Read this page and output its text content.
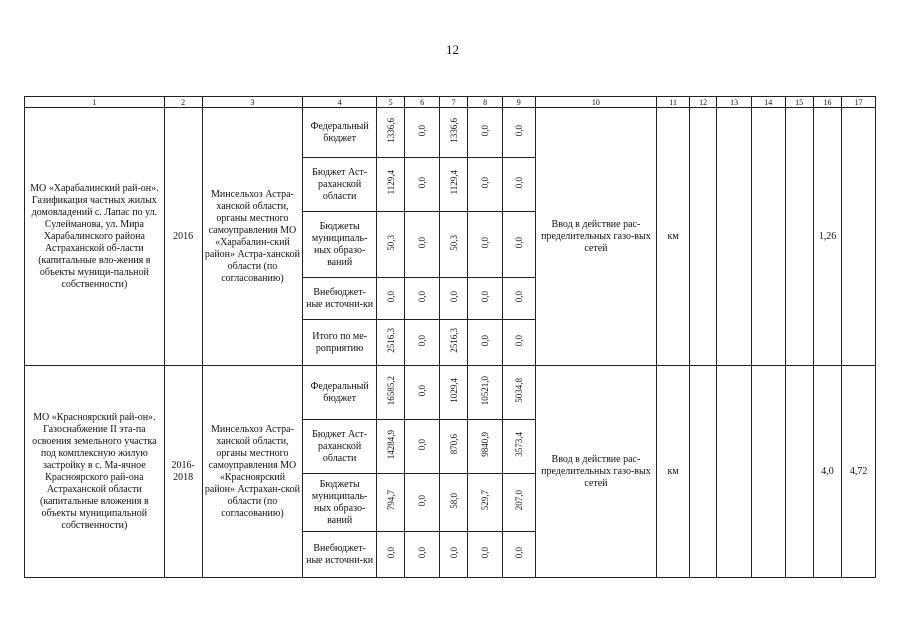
12
1	2	3	4	5	6	7	8	9	10	11	12	13	14	15	16	17
МО «Харабалинский рай-он». Газификация частных жилых домовладений с. Лапас по ул. Сулейманова, ул. Мира Харабалинского района Астраханской об-ласти (капитальные вло-жения в объекты муници-пальной собственности)	2016	Минсельхоз Астра-ханской области, органы местного самоуправления МО «Харабалин-ский район» Астра-ханской области (по согласованию)	Федеральный бюджет	1336,6	0,0	1336,6	0,0	0,0	Ввод в действие рас-пределительных газо-вых сетей	км					1,26	
			Бюджет Аст-раханской области	1129,4	0,0	1129,4	0,0	0,0								
			Бюджеты муниципаль-ных образо-ваний	50,3	0,0	50,3	0,0	0,0								
			Внебюджет-ные источни-ки	0,0	0,0	0,0	0,0	0,0								
			Итого по ме-роприятию	2516,3	0,0	2516,3	0,0	0,0								
МО «Красноярский рай-он». Газоснабжение II эта-па освоения земельного участка под комплексную жилую застройку в с. Ма-ячное Красноярского рай-она Астраханской области (капитальные вложения в объекты муниципальной собственности)	2016-2018	Минсельхоз Астра-ханской области, органы местного самоуправления МО «Красноярский район» Астрахан-ской области (по согласованию)	Федеральный бюджет	16585,2	0,0	1029,4	10521,0	5034,8	Ввод в действие рас-пределительных газо-вых сетей	км					4,0	4,72
			Бюджет Аст-раханской области	14284,9	0,0	870,6	9840,9	3573,4								
			Бюджеты муниципаль-ных образо-ваний	794,7	0,0	58,0	529,7	207,0								
			Внебюджет-ные источни-ки	0,0	0,0	0,0	0,0	0,0								
